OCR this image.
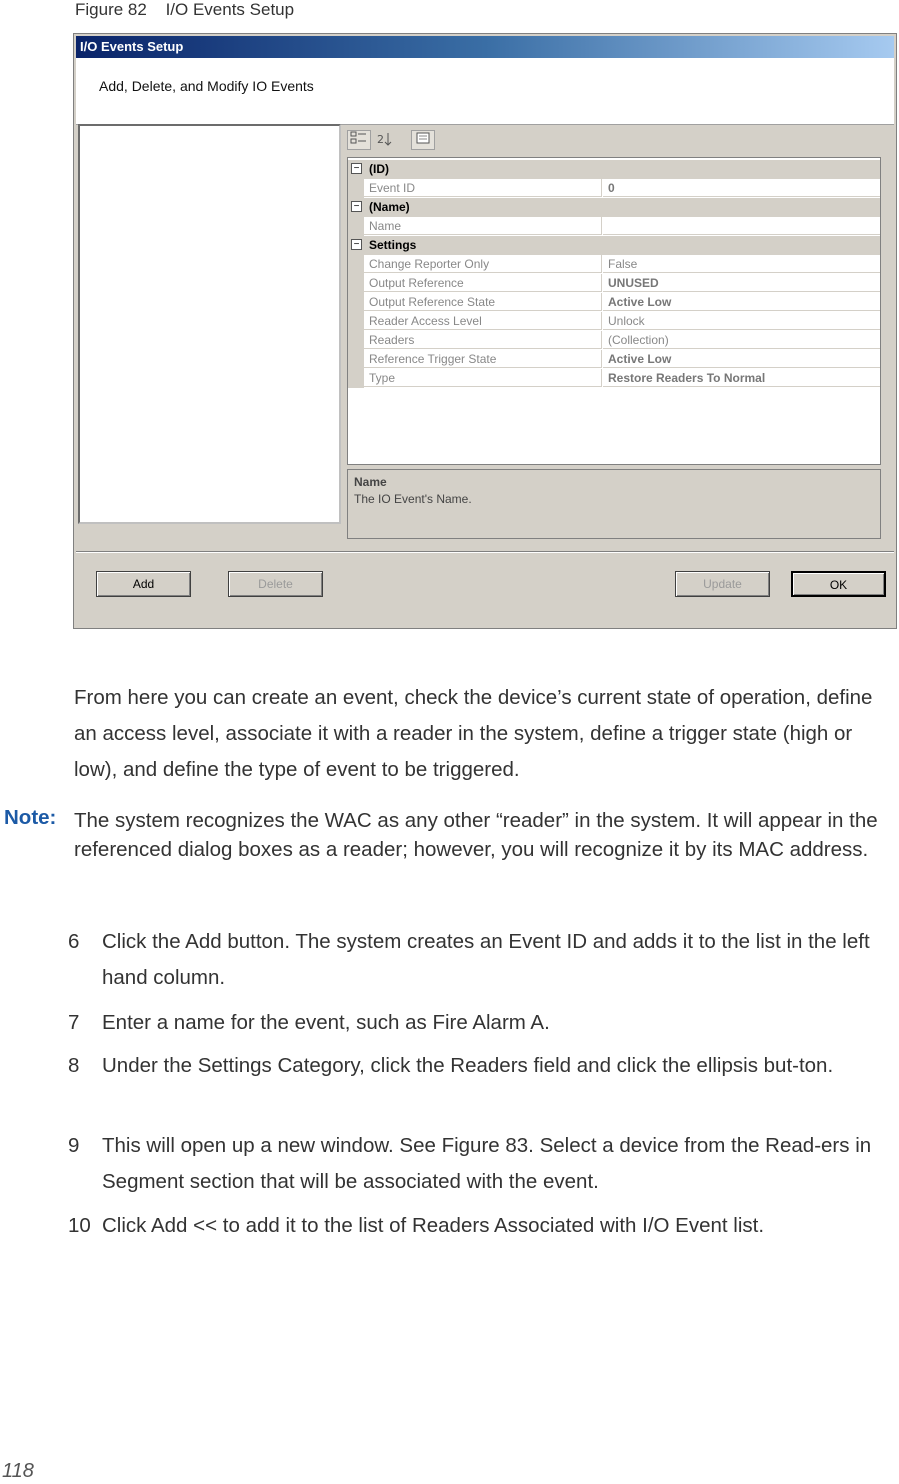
Figure 82 I/O Events Setup
I/O Events Setup
Add, Delete, and Modify IO Events
2
− (ID)
Event ID	0
− (Name)
Name
− Settings
Change Reporter Only	False
Output Reference	UNUSED
Output Reference State	Active Low
Reader Access Level	Unlock
Readers	(Collection)
Reference Trigger State	Active Low
Type	Restore Readers To Normal
Name
The IO Event's Name.
Add	Delete	Update	OK
From here you can create an event, check the device’s current state of operation, define an access level, associate it with a reader in the system, define a trigger state (high or low), and define the type of event to be triggered.
Note: The system recognizes the WAC as any other “reader” in the system. It will appear in the referenced dialog boxes as a reader; however, you will recognize it by its MAC address.
6	Click the Add button. The system creates an Event ID and adds it to the list in the left hand column.
7	Enter a name for the event, such as Fire Alarm A.
8	Under the Settings Category, click the Readers field and click the ellipsis but-ton.
9	This will open up a new window. See Figure 83. Select a device from the Read-ers in Segment section that will be associated with the event.
10 Click Add << to add it to the list of Readers Associated with I/O Event list.
118
